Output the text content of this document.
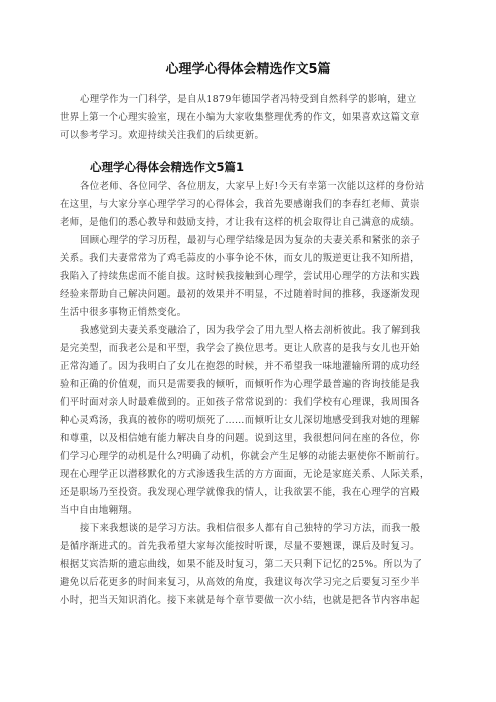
心理学心得体会精选作文5篇
心理学作为一门科学，是自从1879年德国学者冯特受到自然科学的影响，建立
世界上第一个心理实验室，现在小编为大家收集整理优秀的作文，如果喜欢这篇文章
可以参考学习。欢迎持续关注我们的后续更新。
心理学心得体会精选作文5篇1
各位老师、各位同学、各位朋友，大家早上好!今天有幸第一次能以这样的身份站
在这里，与大家分享心理学学习的心得体会，我首先要感谢我们的李春红老师、黄崇
老师，是他们的悉心教导和鼓励支持，才让我有这样的机会取得让自己满意的成绩。
回顾心理学的学习历程，最初与心理学结缘是因为复杂的夫妻关系和紧张的亲子
关系。我们夫妻常常为了鸡毛蒜皮的小事争论不休，而女儿的叛逆更让我不知所措，
我陷入了持续焦虑而不能自拔。这时候我接触到心理学，尝试用心理学的方法和实践
经验来帮助自己解决问题。最初的效果并不明显，不过随着时间的推移，我逐渐发现
生活中很多事物正悄然变化。
我感觉到夫妻关系变融洽了，因为我学会了用九型人格去剖析彼此。我了解到我
是完美型，而我老公是和平型，我学会了换位思考。更让人欣喜的是我与女儿也开始
正常沟通了。因为我明白了女儿在抱怨的时候，并不希望我一味地灌输所谓的成功经
验和正确的价值观，而只是需要我的倾听，而倾听作为心理学最普遍的咨询技能是我
们平时面对亲人时最难做到的。正如孩子常常说到的：我们学校有心理课，我周围各
种心灵鸡汤，我真的被你的唠叨烦死了……而倾听让女儿深切地感受到我对她的理解
和尊重，以及相信她有能力解决自身的问题。说到这里，我很想问问在座的各位，你
们学习心理学的动机是什么?明确了动机，你就会产生足够的动能去驱使你不断前行。
现在心理学正以潜移默化的方式渗透我生活的方方面面，无论是家庭关系、人际关系，
还是职场乃至投资。我发现心理学就像我的情人，让我欲罢不能，我在心理学的宫殿
当中自由地翱翔。
接下来我想谈的是学习方法。我相信很多人都有自己独特的学习方法，而我一般
是循序渐进式的。首先我希望大家每次能按时听课，尽量不要翘课，课后及时复习。
根据艾宾浩斯的遗忘曲线，如果不能及时复习，第二天只剩下记忆的25%。所以为了
避免以后花更多的时间来复习，从高效的角度，我建议每次学习完之后要复习至少半
小时，把当天知识消化。接下来就是每个章节要做一次小结，也就是把各节内容串起
